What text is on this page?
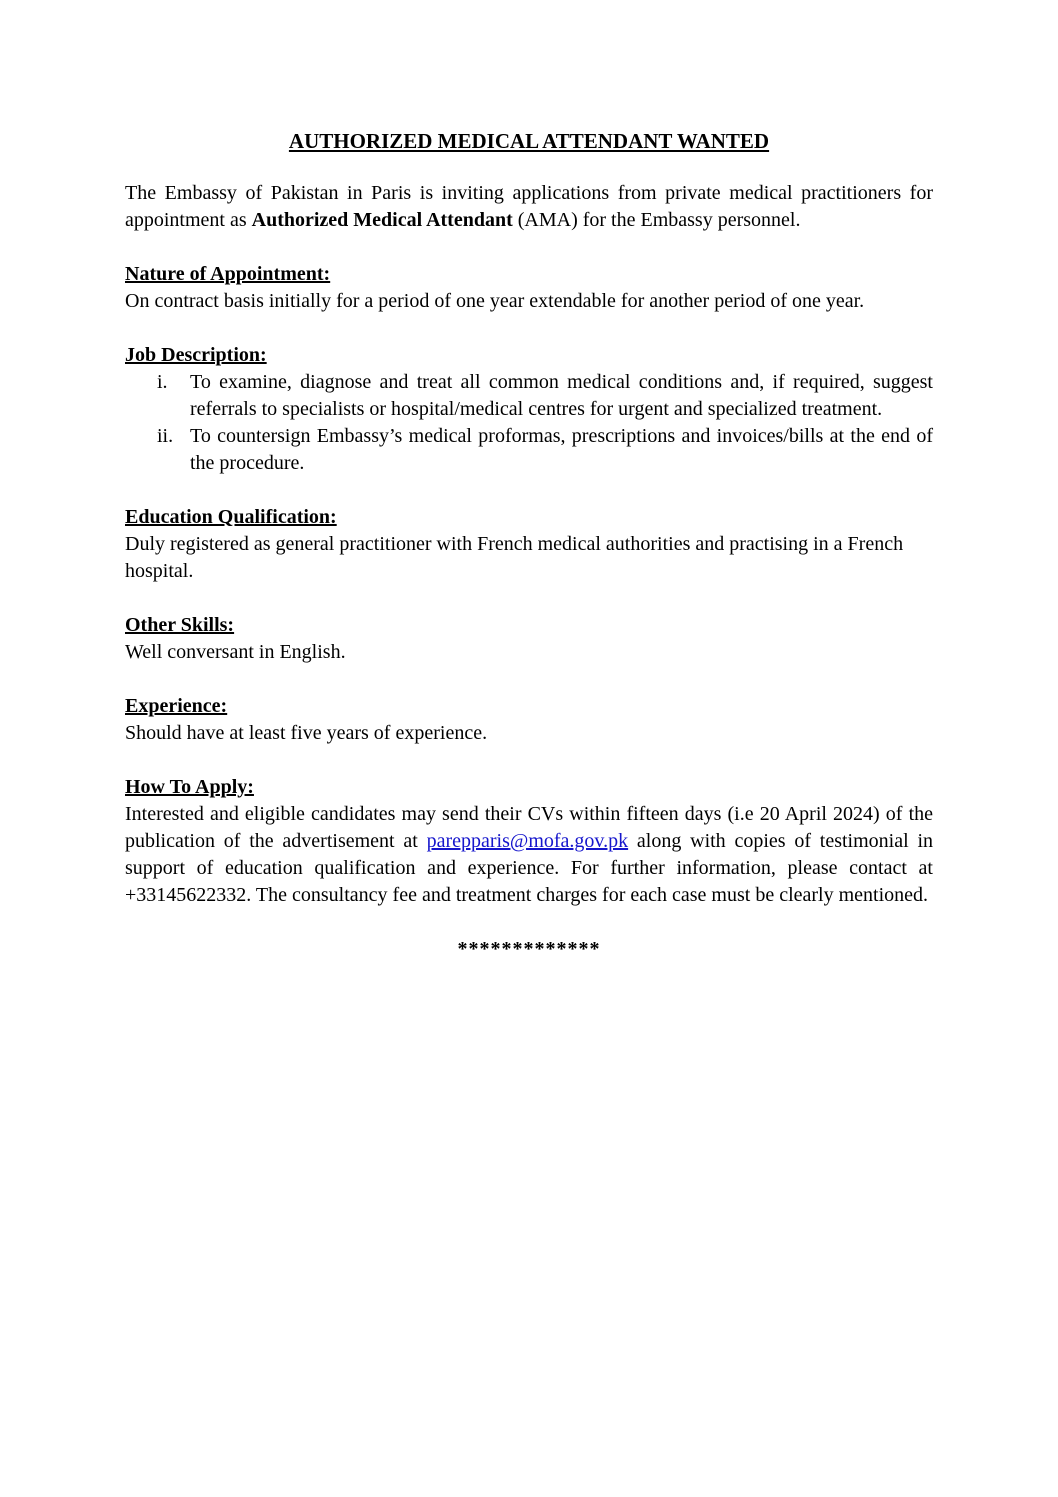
AUTHORIZED MEDICAL ATTENDANT WANTED

The Embassy of Pakistan in Paris is inviting applications from private medical practitioners for appointment as Authorized Medical Attendant (AMA) for the Embassy personnel.

Nature of Appointment:

On contract basis initially for a period of one year extendable for another period of one year.

Job Description:

i.	To examine, diagnose and treat all common medical conditions and, if required, suggest referrals to specialists or hospital/medical centres for urgent and specialized treatment.
ii. To countersign Embassy’s medical proformas, prescriptions and invoices/bills at the end of the procedure.

Education Qualification:

Duly registered as general practitioner with French medical authorities and practising in a French hospital.

Other Skills:

Well conversant in English.

Experience:

Should have at least five years of experience.

How To Apply:

Interested and eligible candidates may send their CVs within fifteen days (i.e 20 April 2024) of the publication of the advertisement at parepparis@mofa.gov.pk along with copies of testimonial in support of education qualification and experience. For further information, please contact at +33145622332. The consultancy fee and treatment charges for each case must be clearly mentioned.

*************
